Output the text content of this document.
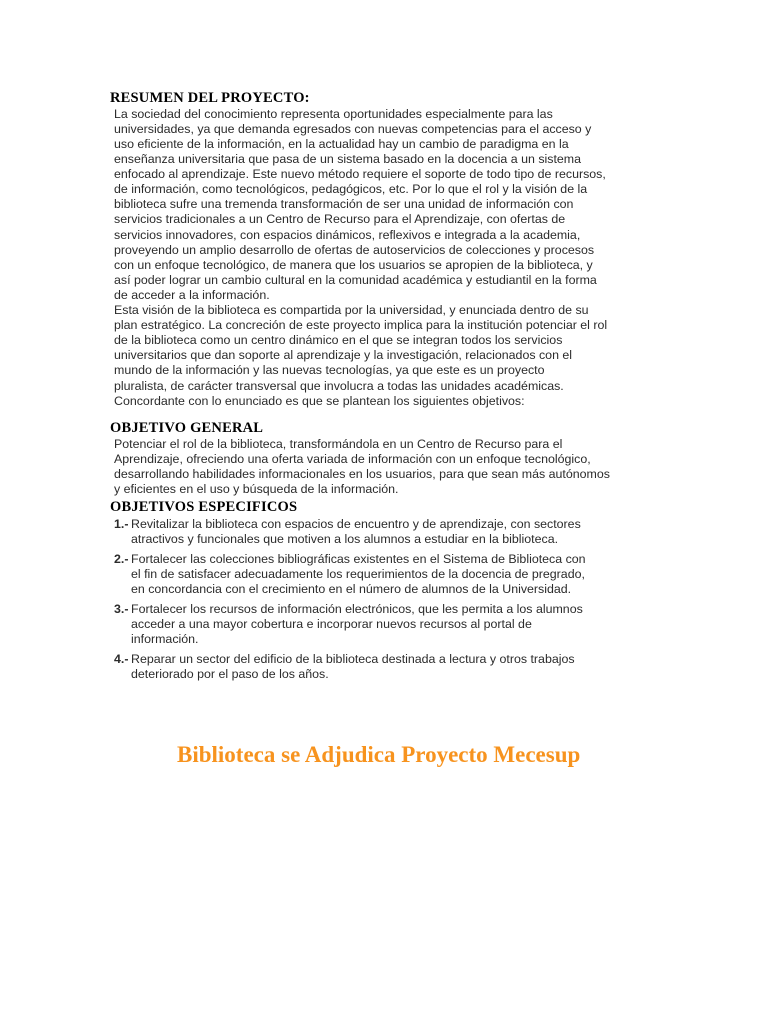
RESUMEN DEL PROYECTO:
La sociedad del conocimiento representa oportunidades especialmente para las
universidades, ya que demanda egresados con nuevas competencias para el acceso y
uso eficiente de la información, en la actualidad hay un cambio de paradigma en la
enseñanza universitaria que pasa de un sistema basado en la docencia a un sistema
enfocado al aprendizaje. Este nuevo método requiere el soporte de todo tipo de recursos,
de información, como tecnológicos, pedagógicos, etc. Por lo que el rol y la visión de la
biblioteca sufre una tremenda transformación de ser una unidad de información con
servicios tradicionales a un Centro de Recurso para el Aprendizaje, con ofertas de
servicios innovadores, con espacios dinámicos, reflexivos e integrada a la academia,
proveyendo un amplio desarrollo de ofertas de autoservicios de colecciones y procesos
con un enfoque tecnológico, de manera que los usuarios se apropien de la biblioteca, y
así poder lograr un cambio cultural en la comunidad académica y estudiantil en la forma
de acceder a la información.
Esta visión de la biblioteca es compartida por la universidad, y enunciada dentro de su
plan estratégico. La concreción de este proyecto implica para la institución potenciar el rol
de la biblioteca como un centro dinámico en el que se integran todos los servicios
universitarios que dan soporte al aprendizaje y la investigación, relacionados con el
mundo de la información y las nuevas tecnologías, ya que este es un proyecto
pluralista, de carácter transversal que involucra a todas las unidades académicas.
Concordante con lo enunciado es que se plantean los siguientes objetivos:
OBJETIVO GENERAL
Potenciar el rol de la biblioteca, transformándola en un Centro de Recurso para el
Aprendizaje, ofreciendo una oferta variada de información con un enfoque tecnológico,
desarrollando habilidades informacionales en los usuarios, para que sean más autónomos
y eficientes en el uso y búsqueda de la información.
OBJETIVOS ESPECIFICOS
1.- Revitalizar la biblioteca con espacios de encuentro y de aprendizaje, con sectores
atractivos y funcionales que motiven a los alumnos a estudiar en la biblioteca.
2.- Fortalecer las colecciones bibliográficas existentes en el Sistema de Biblioteca con
el fin de satisfacer adecuadamente los requerimientos de la docencia de pregrado,
en concordancia con el crecimiento en el número de alumnos de la Universidad.
3.- Fortalecer los recursos de información electrónicos, que les permita a los alumnos
acceder a una mayor cobertura e incorporar nuevos recursos al portal de
información.
4.- Reparar un sector del edificio de la biblioteca destinada a lectura y otros trabajos
deteriorado por el paso de los años.
Biblioteca se Adjudica Proyecto Mecesup
